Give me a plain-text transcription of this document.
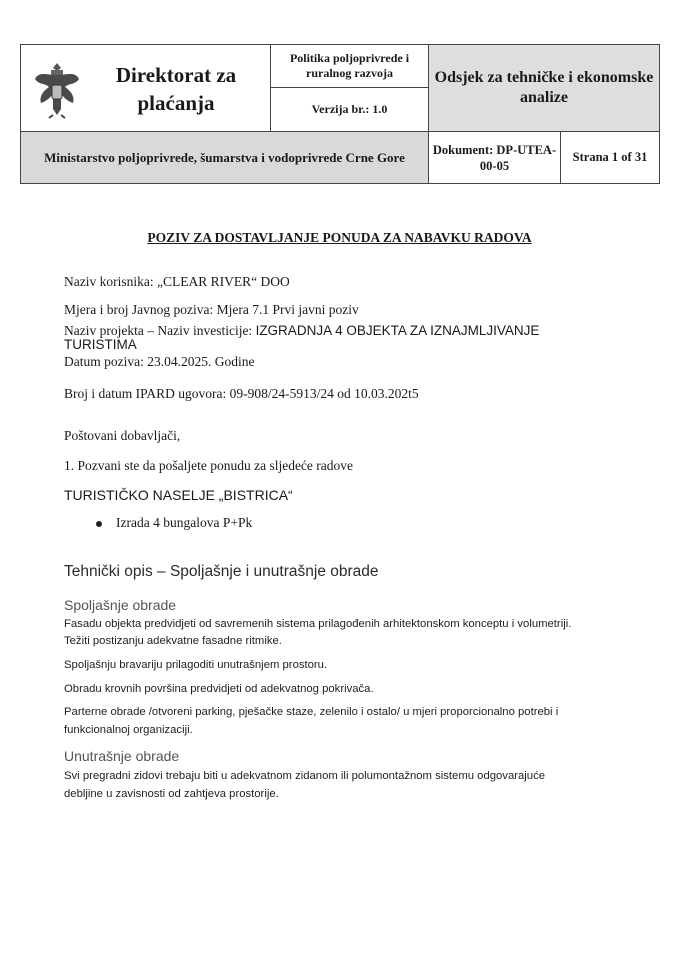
Direktorat za plaćanja
Politika poljoprivrede i ruralnog razvoja
Verzija br.: 1.0
Odsjek za tehničke i ekonomske analize
Ministarstvo poljoprivrede, šumarstva i vodoprivrede Crne Gore
Dokument: DP-UTEA-00-05
Strana 1 of 31
POZIV ZA DOSTAVLJANJE PONUDA ZA NABAVKU RADOVA
Naziv korisnika: „CLEAR RIVER“ DOO
Mjera i broj Javnog poziva: Mjera 7.1 Prvi javni poziv
Naziv projekta – Naziv investicije: IZGRADNJA 4 OBJEKTA ZA IZNAJMLJIVANJE TURISTIMA
Datum poziva: 23.04.2025. Godine
Broj i datum IPARD ugovora: 09-908/24-5913/24 od 10.03.202t5
Poštovani dobavljači,
1. Pozvani ste da pošaljete ponudu za sljedeće radove
TURISTIČKO NASELJE „BISTRICA“
Izrada 4 bungalova P+Pk
Tehnički opis – Spoljašnje i unutrašnje obrade
Spoljašnje obrade
Fasadu objekta predvidjeti od savremenih sistema prilagođenih arhitektonskom konceptu i volumetriji.
Težiti postizanju adekvatne fasadne ritmike.
Spoljašnju bravariju prilagoditi unutrašnjem prostoru.
Obradu krovnih površina predvidjeti od adekvatnog pokrivača.
Parterne obrade /otvoreni parking, pješačke staze, zelenilo i ostalo/ u mjeri proporcionalno potrebi i
funkcionalnoj organizaciji.
Unutrašnje obrade
Svi pregradni zidovi trebaju biti u adekvatnom zidanom ili polumontažnom sistemu odgovarajuće
debljine u zavisnosti od zahtjeva prostorije.
